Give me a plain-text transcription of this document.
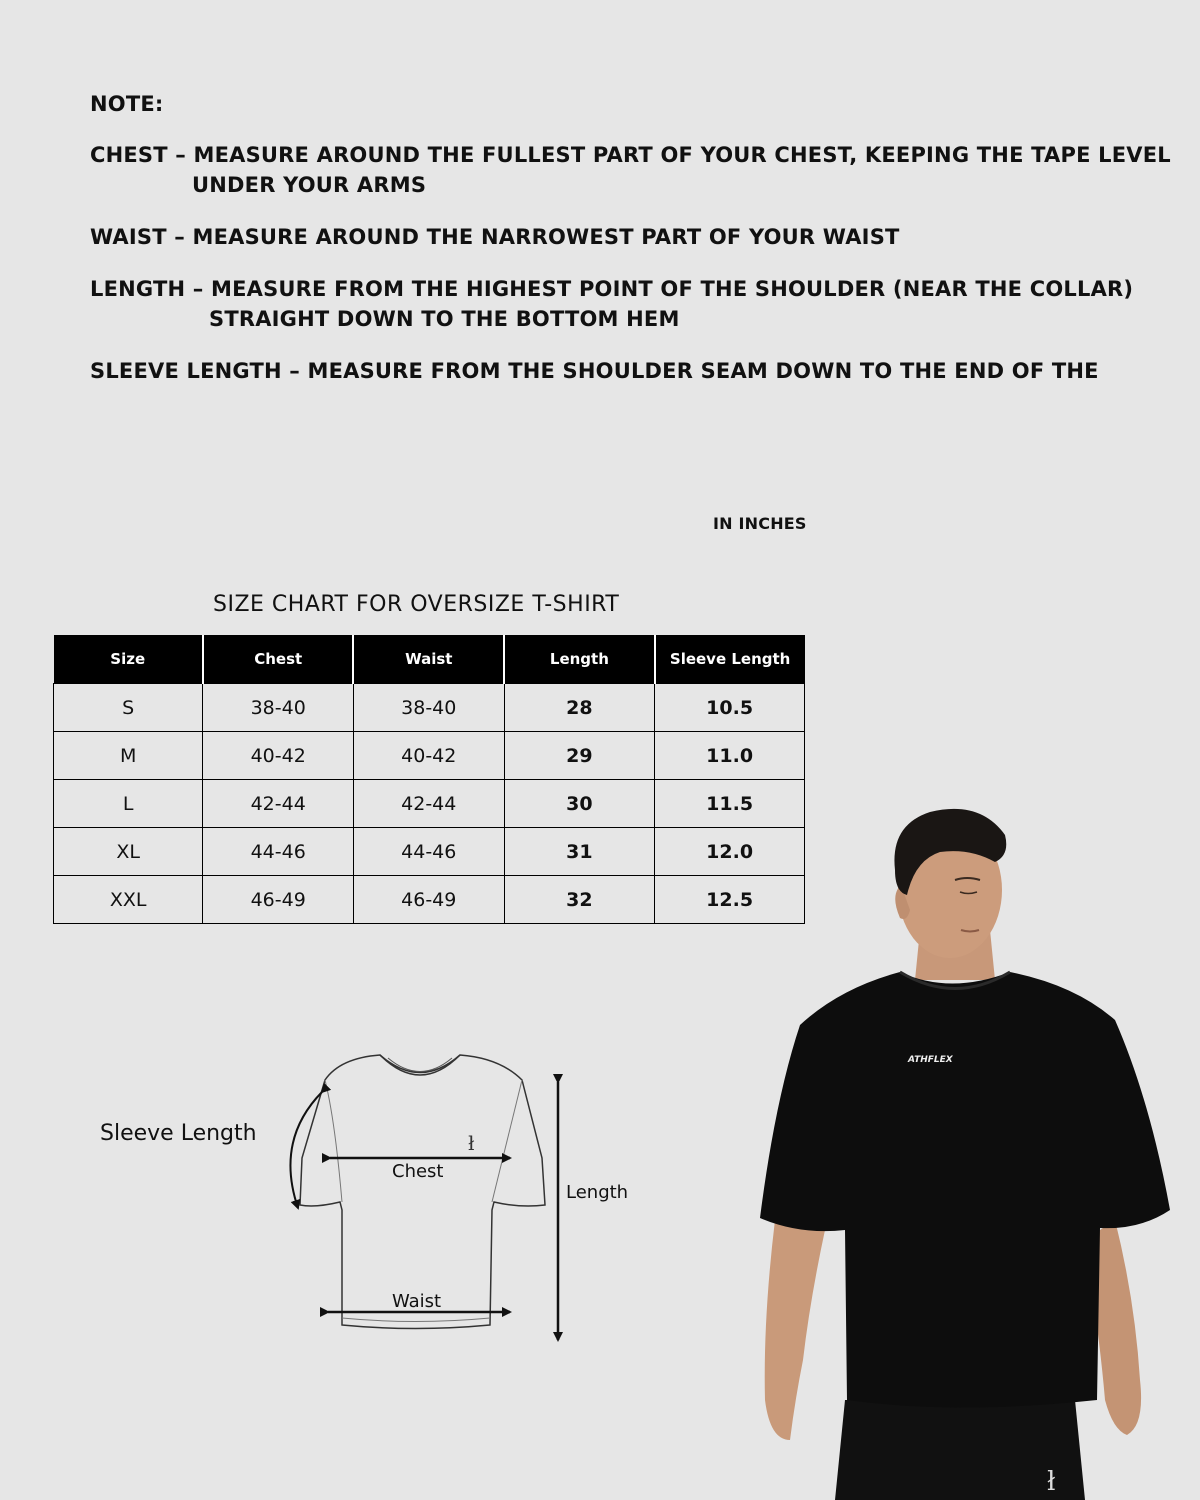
NOTE:
CHEST – MEASURE AROUND THE FULLEST PART OF YOUR CHEST, KEEPING THE TAPE LEVEL
UNDER YOUR ARMS
WAIST – MEASURE AROUND THE NARROWEST PART OF YOUR WAIST
LENGTH – MEASURE FROM THE HIGHEST POINT OF THE SHOULDER (NEAR THE COLLAR)
STRAIGHT DOWN TO THE BOTTOM HEM
SLEEVE LENGTH – MEASURE FROM THE SHOULDER SEAM DOWN TO THE END OF THE
IN INCHES
SIZE CHART FOR OVERSIZE T-SHIRT
Size	Chest	Waist	Length	Sleeve Length
S	38-40	38-40	28	10.5
M	40-42	40-42	29	11.0
L	42-44	42-44	30	11.5
XL	44-46	44-46	31	12.0
XXL	46-49	46-49	32	12.5
ł
Sleeve Length
Chest
Waist
Length
ł
ATHFLEX
